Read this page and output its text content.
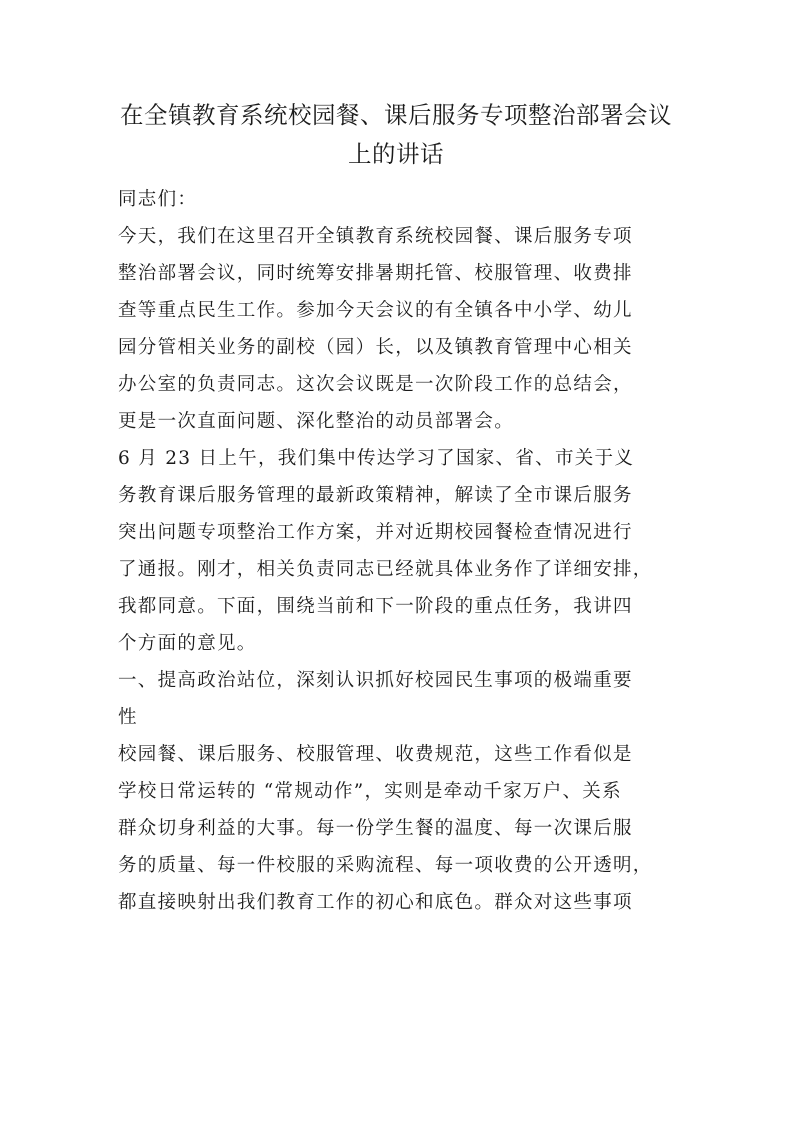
在全镇教育系统校园餐、课后服务专项整治部署会议
上的讲话

同志们：

今天，我们在这里召开全镇教育系统校园餐、课后服务专项
整治部署会议，同时统筹安排暑期托管、校服管理、收费排
查等重点民生工作。参加今天会议的有全镇各中小学、幼儿
园分管相关业务的副校（园）长，以及镇教育管理中心相关
办公室的负责同志。这次会议既是一次阶段工作的总结会，
更是一次直面问题、深化整治的动员部署会。

6 月 23 日上午，我们集中传达学习了国家、省、市关于义
务教育课后服务管理的最新政策精神，解读了全市课后服务
突出问题专项整治工作方案，并对近期校园餐检查情况进行
了通报。刚才，相关负责同志已经就具体业务作了详细安排，
我都同意。下面，围绕当前和下一阶段的重点任务，我讲四
个方面的意见。

一、提高政治站位，深刻认识抓好校园民生事项的极端重要
性

校园餐、课后服务、校服管理、收费规范，这些工作看似是
学校日常运转的 “常规动作”，实则是牵动千家万户、关系
群众切身利益的大事。每一份学生餐的温度、每一次课后服
务的质量、每一件校服的采购流程、每一项收费的公开透明，
都直接映射出我们教育工作的初心和底色。群众对这些事项
